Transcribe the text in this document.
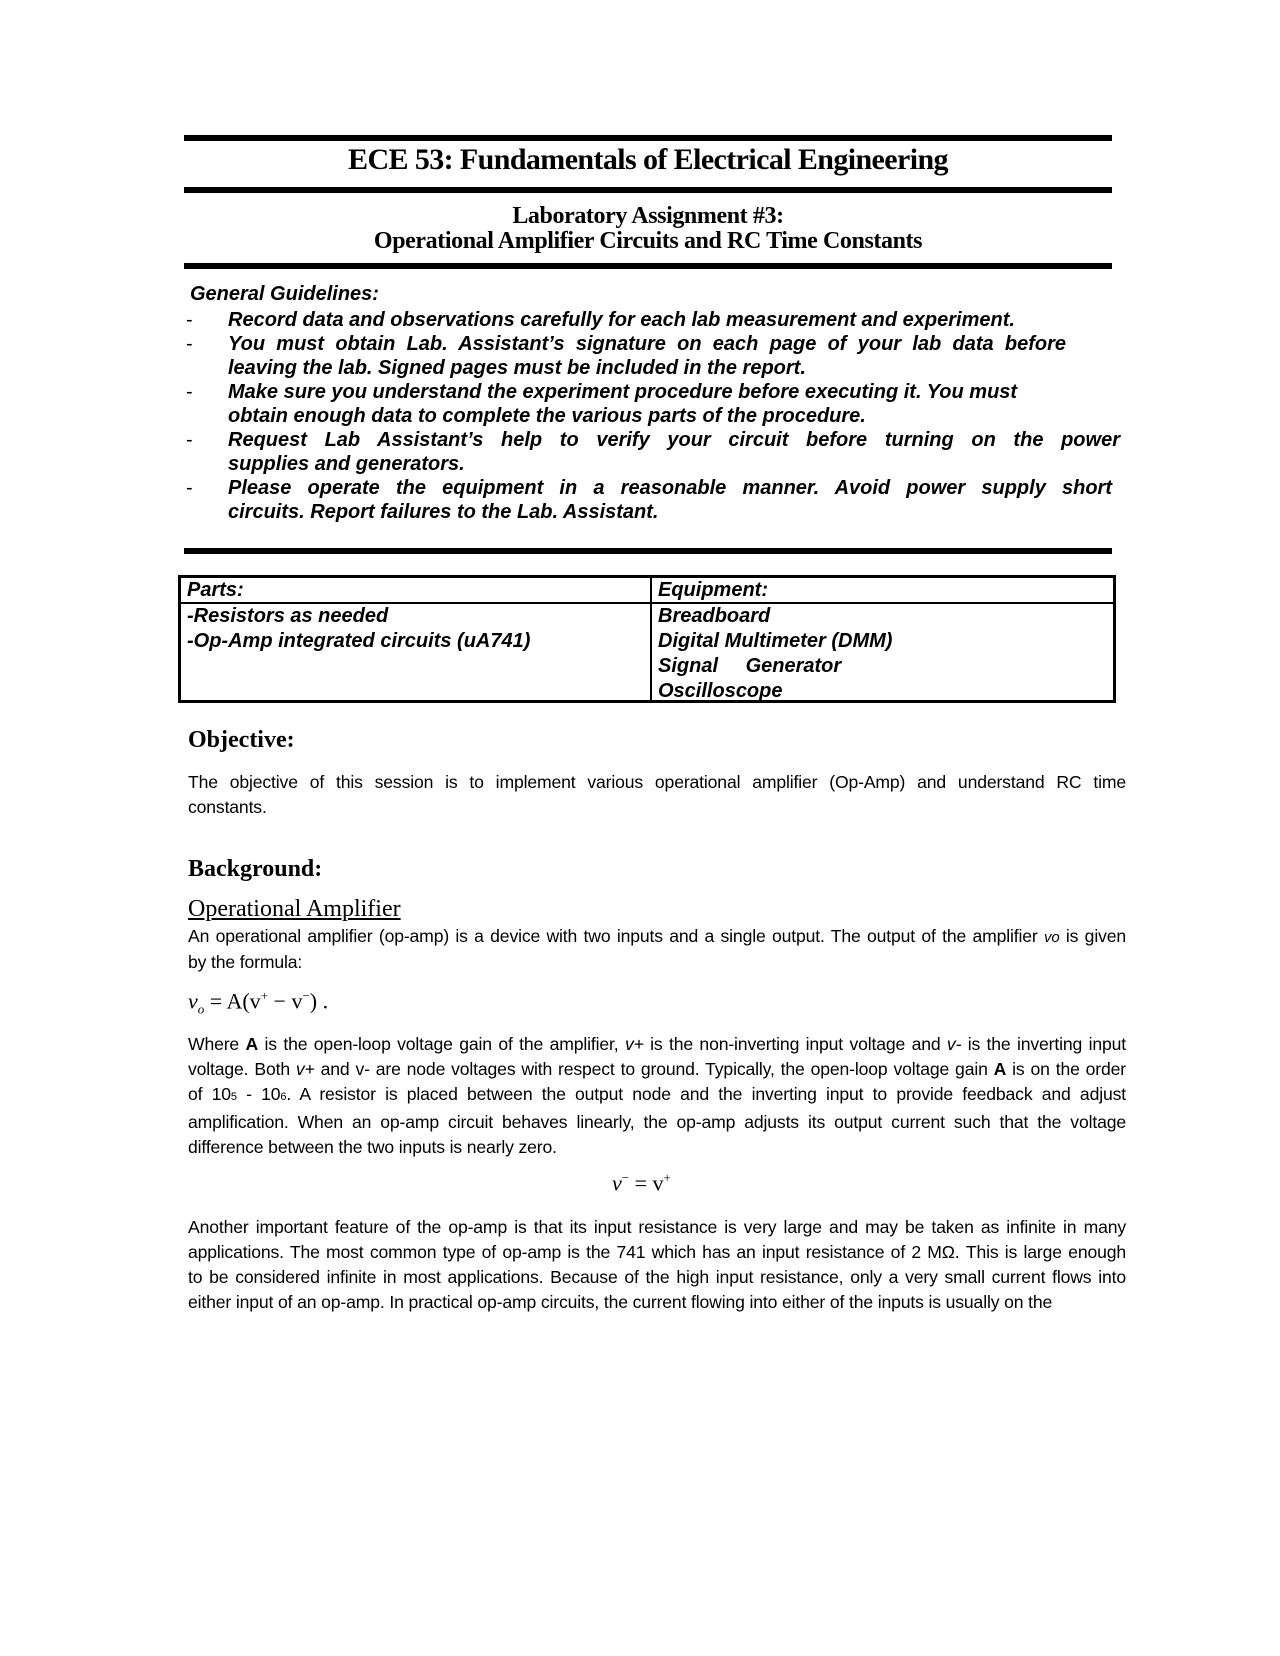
ECE 53: Fundamentals of Electrical Engineering
Laboratory Assignment #3:
Operational Amplifier Circuits and RC Time Constants
General Guidelines:
- Record data and observations carefully for each lab measurement and experiment.
- You must obtain Lab. Assistant’s signature on each page of your lab data before
leaving the lab. Signed pages must be included in the report.
- Make sure you understand the experiment procedure before executing it. You must
obtain enough data to complete the various parts of the procedure.
- Request Lab Assistant’s help to verify your circuit before turning on the power
supplies and generators.
- Please operate the equipment in a reasonable manner. Avoid power supply short
circuits. Report failures to the Lab. Assistant.
Parts:
-Resistors as needed
-Op-Amp integrated circuits (uA741)
Equipment:
Breadboard
Digital Multimeter (DMM)
Signal Generator
Oscilloscope
Objective:
The objective of this session is to implement various operational amplifier (Op-Amp) and understand RC time
constants.
Background:
Operational Amplifier
An operational amplifier (op-amp) is a device with two inputs and a single output. The output of the amplifier vo is given
by the formula:
$v_o = A(v^+ - v^-)$ .
Where A is the open-loop voltage gain of the amplifier, v+ is the non-inverting input voltage and v- is the inverting input
voltage. Both v+ and v- are node voltages with respect to ground. Typically, the open-loop voltage gain A is on the order
of 105 - 106. A resistor is placed between the output node and the inverting input to provide feedback and adjust
amplification. When an op-amp circuit behaves linearly, the op-amp adjusts its output current such that the voltage
difference between the two inputs is nearly zero.
v− = v+
Another important feature of the op-amp is that its input resistance is very large and may be taken as infinite in many
applications. The most common type of op-amp is the 741 which has an input resistance of 2 MΩ. This is large enough
to be considered infinite in most applications. Because of the high input resistance, only a very small current flows into
either input of an op-amp. In practical op-amp circuits, the current flowing into either of the inputs is usually on the
